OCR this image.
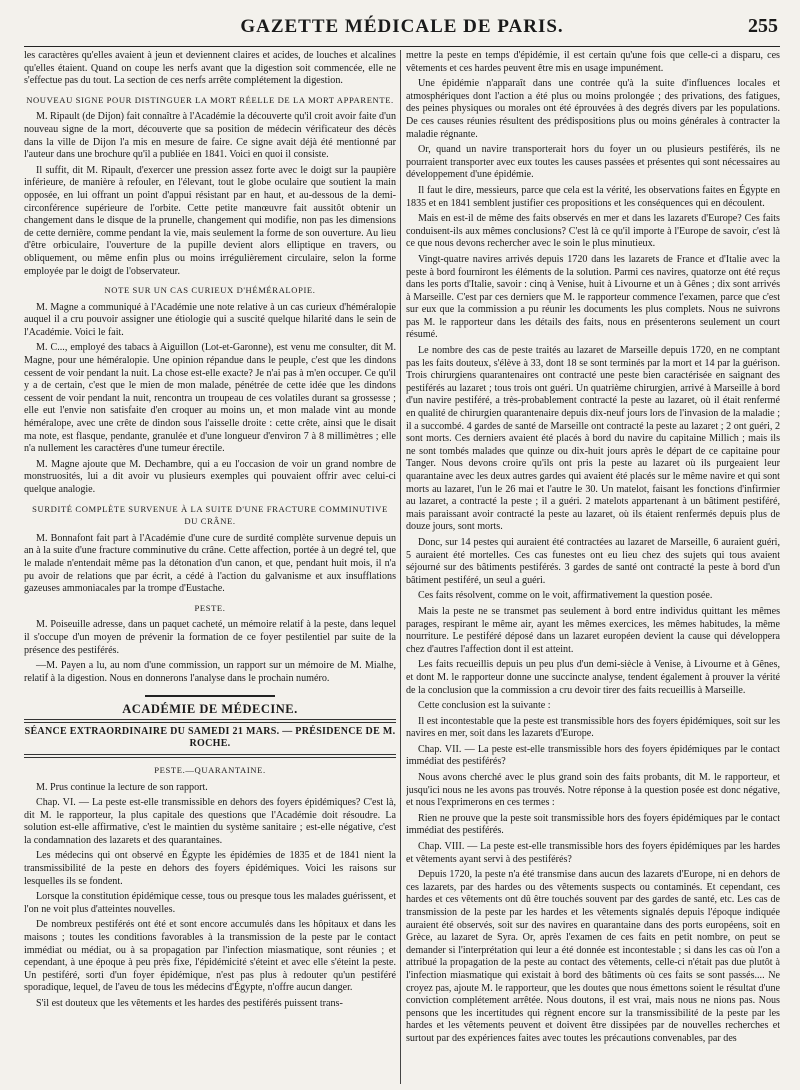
GAZETTE MÉDICALE DE PARIS.	255

les caractères qu'elles avaient à jeun et deviennent claires et acides, de louches et alcalines qu'elles étaient. Quand on coupe les nerfs avant que la digestion soit commencée, elle ne s'effectue pas du tout. La section de ces nerfs arrête complétement la digestion.

NOUVEAU SIGNE POUR DISTINGUER LA MORT RÉELLE DE LA MORT APPARENTE.

M. Ripault (de Dijon) fait connaître à l'Académie la découverte qu'il croit avoir faite d'un nouveau signe de la mort, découverte que sa position de médecin vérificateur des décès dans la ville de Dijon l'a mis en mesure de faire. Ce signe avait déjà été mentionné par l'auteur dans une brochure qu'il a publiée en 1841. Voici en quoi il consiste.

Il suffit, dit M. Ripault, d'exercer une pression assez forte avec le doigt sur la paupière inférieure, de manière à refouler, en l'élevant, tout le globe oculaire que soutient la main opposée, en lui offrant un point d'appui résistant par en haut, et au-dessous de la demi-circonférence supérieure de l'orbite. Cette petite manœuvre fait aussitôt obtenir un changement dans le disque de la prunelle, changement qui modifie, non pas les dimensions de cette dernière, comme pendant la vie, mais seulement la forme de son ouverture. Au lieu d'être orbiculaire, l'ouverture de la pupille devient alors elliptique en travers, ou obliquement, ou même enfin plus ou moins irrégulièrement circulaire, selon la forme employée par le doigt de l'observateur.

NOTE SUR UN CAS CURIEUX D'HÉMÉRALOPIE.

M. Magne a communiqué à l'Académie une note relative à un cas curieux d'héméralopie auquel il a cru pouvoir assigner une étiologie qui a suscité quelque hilarité dans le sein de l'Académie. Voici le fait.

M. C..., employé des tabacs à Aiguillon (Lot-et-Garonne), est venu me consulter, dit M. Magne, pour une héméralopie. Une opinion répandue dans le peuple, c'est que les dindons cessent de voir pendant la nuit. La chose est-elle exacte? Je n'ai pas à m'en occuper. Ce qu'il y a de certain, c'est que le mien de mon malade, pénétrée de cette idée que les dindons cessent de voir pendant la nuit, rencontra un troupeau de ces volatiles durant sa grossesse ; elle eut l'envie non satisfaite d'en croquer au moins un, et mon malade vint au monde héméralope, avec une crête de dindon sous l'aisselle droite : cette crête, ainsi que le disait ma note, est flasque, pendante, granulée et d'une longueur d'environ 7 à 8 millimètres ; elle n'a nullement les caractères d'une tumeur érectile.

M. Magne ajoute que M. Dechambre, qui a eu l'occasion de voir un grand nombre de monstruosités, lui a dit avoir vu plusieurs exemples qui pouvaient offrir avec celui-ci quelque analogie.

SURDITÉ COMPLÈTE SURVENUE À LA SUITE D'UNE FRACTURE COMMINUTIVE DU CRÂNE.

M. Bonnafont fait part à l'Académie d'une cure de surdité complète survenue depuis un an à la suite d'une fracture comminutive du crâne. Cette affection, portée à un degré tel, que le malade n'entendait même pas la détonation d'un canon, et que, pendant huit mois, il n'a pu avoir de relations que par écrit, a cédé à l'action du galvanisme et aux insufflations gazeuses ammoniacales par la trompe d'Eustache.

PESTE.

M. Poiseuille adresse, dans un paquet cacheté, un mémoire relatif à la peste, dans lequel il s'occupe d'un moyen de prévenir la formation de ce foyer pestilentiel par suite de la présence des pestiférés.

—M. Payen a lu, au nom d'une commission, un rapport sur un mémoire de M. Mialhe, relatif à la digestion. Nous en donnerons l'analyse dans le prochain numéro.

ACADÉMIE DE MÉDECINE.
SÉANCE EXTRAORDINAIRE DU SAMEDI 21 MARS. — PRÉSIDENCE DE M. ROCHE.
PESTE.—QUARANTAINE.

M. Prus continue la lecture de son rapport.

Chap. VI. — La peste est-elle transmissible en dehors des foyers épidémiques? C'est là, dit M. le rapporteur, la plus capitale des questions que l'Académie doit résoudre. La solution est-elle affirmative, c'est le maintien du système sanitaire ; est-elle négative, c'est la condamnation des lazarets et des quarantaines.

Les médecins qui ont observé en Égypte les épidémies de 1835 et de 1841 nient la transmissibilité de la peste en dehors des foyers épidémiques. Voici les raisons sur lesquelles ils se fondent.

Lorsque la constitution épidémique cesse, tous ou presque tous les malades guérissent, et l'on ne voit plus d'atteintes nouvelles.

De nombreux pestiférés ont été et sont encore accumulés dans les hôpitaux et dans les maisons ; toutes les conditions favorables à la transmission de la peste par le contact immédiat ou médiat, ou à sa propagation par l'infection miasmatique, sont réunies ; et cependant, à une époque à peu près fixe, l'épidémicité s'éteint et avec elle s'éteint la peste. Un pestiféré, sorti d'un foyer épidémique, n'est pas plus à redouter qu'un pestiféré sporadique, lequel, de l'aveu de tous les médecins d'Égypte, n'offre aucun danger.

S'il est douteux que les vêtements et les hardes des pestiférés puissent trans-

mettre la peste en temps d'épidémie, il est certain qu'une fois que celle-ci a disparu, ces vêtements et ces hardes peuvent être mis en usage impunément.

Une épidémie n'apparaît dans une contrée qu'à la suite d'influences locales et atmosphériques dont l'action a été plus ou moins prolongée ; des privations, des fatigues, des peines physiques ou morales ont été éprouvées à des degrés divers par les populations. De ces causes réunies résultent des prédispositions plus ou moins générales à contracter la maladie régnante.

Or, quand un navire transporterait hors du foyer un ou plusieurs pestiférés, ils ne pourraient transporter avec eux toutes les causes passées et présentes qui sont nécessaires au développement d'une épidémie.

Il faut le dire, messieurs, parce que cela est la vérité, les observations faites en Égypte en 1835 et en 1841 semblent justifier ces propositions et les conséquences qui en découlent.

Mais en est-il de même des faits observés en mer et dans les lazarets d'Europe? Ces faits conduisent-ils aux mêmes conclusions? C'est là ce qu'il importe à l'Europe de savoir, c'est là ce que nous devons rechercher avec le soin le plus minutieux.

Vingt-quatre navires arrivés depuis 1720 dans les lazarets de France et d'Italie avec la peste à bord fourniront les éléments de la solution. Parmi ces navires, quatorze ont été reçus dans les ports d'Italie, savoir : cinq à Venise, huit à Livourne et un à Gênes ; dix sont arrivés à Marseille. C'est par ces derniers que M. le rapporteur commence l'examen, parce que c'est sur eux que la commission a pu réunir les documents les plus complets. Nous ne suivrons pas M. le rapporteur dans les détails des faits, nous en présenterons seulement un court résumé.

Le nombre des cas de peste traités au lazaret de Marseille depuis 1720, en ne comptant pas les faits douteux, s'élève à 33, dont 18 se sont terminés par la mort et 14 par la guérison. Trois chirurgiens quarantenaires ont contracté une peste bien caractérisée en saignant des pestiférés au lazaret ; tous trois ont guéri. Un quatrième chirurgien, arrivé à Marseille à bord d'un navire pestiféré, a très-probablement contracté la peste au lazaret, où il était renfermé en qualité de chirurgien quarantenaire depuis dix-neuf jours lors de l'invasion de la maladie ; il a succombé. 4 gardes de santé de Marseille ont contracté la peste au lazaret ; 2 ont guéri, 2 sont morts. Ces derniers avaient été placés à bord du navire du capitaine Millich ; mais ils ne sont tombés malades que quinze ou dix-huit jours après le départ de ce capitaine pour Tanger. Nous devons croire qu'ils ont pris la peste au lazaret où ils purgeaient leur quarantaine avec les deux autres gardes qui avaient été placés sur le même navire et qui sont morts au lazaret, l'un le 26 mai et l'autre le 30. Un matelot, faisant les fonctions d'infirmier au lazaret, a contracté la peste ; il a guéri. 2 matelots appartenant à un bâtiment pestiféré, mais paraissant avoir contracté la peste au lazaret, où ils étaient renfermés depuis plus de douze jours, sont morts.

Donc, sur 14 pestes qui auraient été contractées au lazaret de Marseille, 6 auraient guéri, 5 auraient été mortelles. Ces cas funestes ont eu lieu chez des sujets qui tous avaient séjourné sur des bâtiments pestiférés. 3 gardes de santé ont contracté la peste à bord d'un bâtiment pestiféré, un seul a guéri.

Ces faits résolvent, comme on le voit, affirmativement la question posée.

Mais la peste ne se transmet pas seulement à bord entre individus quittant les mêmes parages, respirant le même air, ayant les mêmes exercices, les mêmes habitudes, la même nourriture. Le pestiféré déposé dans un lazaret européen devient la cause qui développera chez d'autres l'affection dont il est atteint.

Les faits recueillis depuis un peu plus d'un demi-siècle à Venise, à Livourne et à Gênes, et dont M. le rapporteur donne une succincte analyse, tendent également à prouver la vérité de la conclusion que la commission a cru devoir tirer des faits recueillis à Marseille.

Cette conclusion est la suivante :

Il est incontestable que la peste est transmissible hors des foyers épidémiques, soit sur les navires en mer, soit dans les lazarets d'Europe.

Chap. VII. — La peste est-elle transmissible hors des foyers épidémiques par le contact immédiat des pestiférés?

Nous avons cherché avec le plus grand soin des faits probants, dit M. le rapporteur, et jusqu'ici nous ne les avons pas trouvés. Notre réponse à la question posée est donc négative, et nous l'exprimerons en ces termes :

Rien ne prouve que la peste soit transmissible hors des foyers épidémiques par le contact immédiat des pestiférés.

Chap. VIII. — La peste est-elle transmissible hors des foyers épidémiques par les hardes et vêtements ayant servi à des pestiférés?

Depuis 1720, la peste n'a été transmise dans aucun des lazarets d'Europe, ni en dehors de ces lazarets, par des hardes ou des vêtements suspects ou contaminés. Et cependant, ces hardes et ces vêtements ont dû être touchés souvent par des gardes de santé, etc. Les cas de transmission de la peste par les hardes et les vêtements signalés depuis l'époque indiquée auraient été observés, soit sur des navires en quarantaine dans des ports européens, soit en Grèce, au lazaret de Syra. Or, après l'examen de ces faits en petit nombre, on peut se demander si l'interprétation qui leur a été donnée est incontestable ; si dans les cas où l'on a attribué la propagation de la peste au contact des vêtements, celle-ci n'était pas due plutôt à l'infection miasmatique qui existait à bord des bâtiments où ces faits se sont passés.... Ne croyez pas, ajoute M. le rapporteur, que les doutes que nous émettons soient le résultat d'une conviction complétement arrêtée. Nous doutons, il est vrai, mais nous ne nions pas. Nous pensons que les incertitudes qui règnent encore sur la transmissibilité de la peste par les hardes et les vêtements peuvent et doivent être dissipées par de nouvelles recherches et surtout par des expériences faites avec toutes les précautions convenables, par des
